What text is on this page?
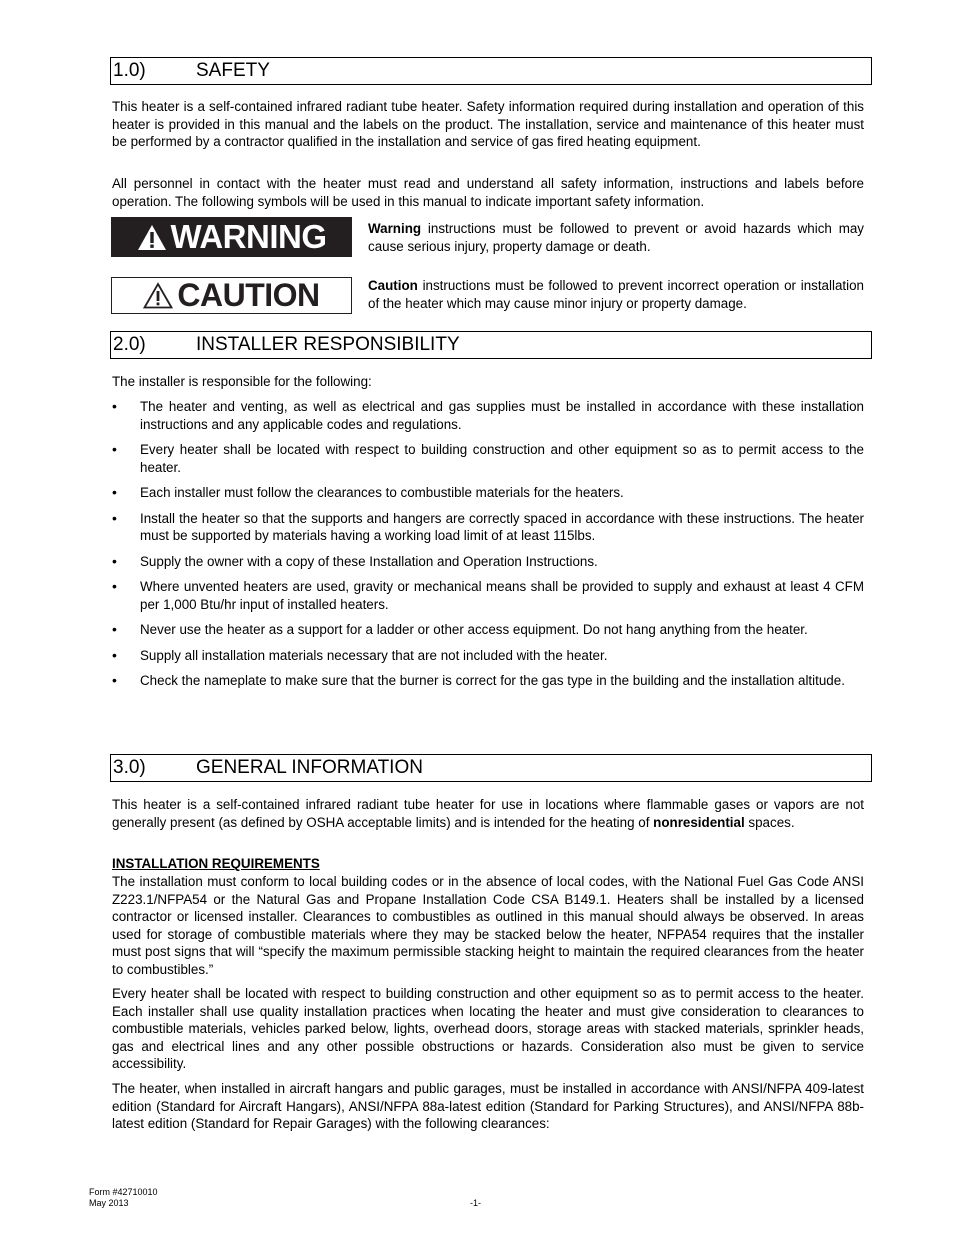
1.0)	SAFETY
This heater is a self-contained infrared radiant tube heater. Safety information required during installation and operation of this heater is provided in this manual and the labels on the product. The installation, service and maintenance of this heater must be performed by a contractor qualified in the installation and service of gas fired heating equipment.
All personnel in contact with the heater must read and understand all safety information, instructions and labels before operation. The following symbols will be used in this manual to indicate important safety information.
WARNING	Warning instructions must be followed to prevent or avoid hazards which may cause serious injury, property damage or death.
CAUTION	Caution instructions must be followed to prevent incorrect operation or installation of the heater which may cause minor injury or property damage.
2.0)	INSTALLER RESPONSIBILITY
The installer is responsible for the following:
• The heater and venting, as well as electrical and gas supplies must be installed in accordance with these installation instructions and any applicable codes and regulations.
• Every heater shall be located with respect to building construction and other equipment so as to permit access to the heater.
• Each installer must follow the clearances to combustible materials for the heaters.
• Install the heater so that the supports and hangers are correctly spaced in accordance with these instructions. The heater must be supported by materials having a working load limit of at least 115lbs.
• Supply the owner with a copy of these Installation and Operation Instructions.
• Where unvented heaters are used, gravity or mechanical means shall be provided to supply and exhaust at least 4 CFM per 1,000 Btu/hr input of installed heaters.
• Never use the heater as a support for a ladder or other access equipment. Do not hang anything from the heater.
• Supply all installation materials necessary that are not included with the heater.
• Check the nameplate to make sure that the burner is correct for the gas type in the building and the installation altitude.
3.0)	GENERAL INFORMATION
This heater is a self-contained infrared radiant tube heater for use in locations where flammable gases or vapors are not generally present (as defined by OSHA acceptable limits) and is intended for the heating of nonresidential spaces.
INSTALLATION REQUIREMENTS
The installation must conform to local building codes or in the absence of local codes, with the National Fuel Gas Code ANSI Z223.1/NFPA54 or the Natural Gas and Propane Installation Code CSA B149.1. Heaters shall be installed by a licensed contractor or licensed installer. Clearances to combustibles as outlined in this manual should always be observed. In areas used for storage of combustible materials where they may be stacked below the heater, NFPA54 requires that the installer must post signs that will “specify the maximum permissible stacking height to maintain the required clearances from the heater to combustibles.”
Every heater shall be located with respect to building construction and other equipment so as to permit access to the heater. Each installer shall use quality installation practices when locating the heater and must give consideration to clearances to combustible materials, vehicles parked below, lights, overhead doors, storage areas with stacked materials, sprinkler heads, gas and electrical lines and any other possible obstructions or hazards. Consideration also must be given to service accessibility.
The heater, when installed in aircraft hangars and public garages, must be installed in accordance with ANSI/NFPA 409-latest edition (Standard for Aircraft Hangars), ANSI/NFPA 88a-latest edition (Standard for Parking Structures), and ANSI/NFPA 88b-latest edition (Standard for Repair Garages) with the following clearances:
Form #42710010
May 2013	-1-
